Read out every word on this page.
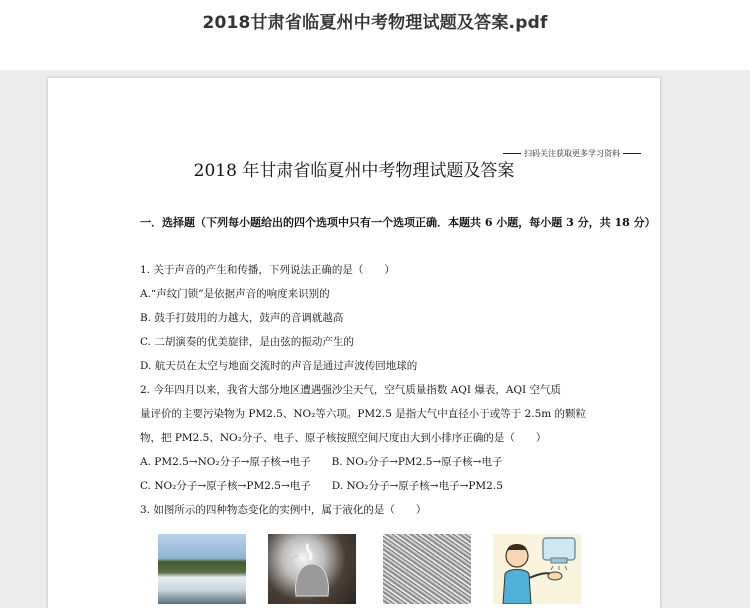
2018甘肃省临夏州中考物理试题及答案.pdf
扫码关注获取更多学习资料
2018 年甘肃省临夏州中考物理试题及答案
一．选择题（下列每小题给出的四个选项中只有一个选项正确．本题共 6 小题，每小题 3 分，共 18 分）
1. 关于声音的产生和传播，下列说法正确的是（　　）
A.“声纹门锁”是依据声音的响度来识别的
B. 鼓手打鼓用的力越大，鼓声的音调就越高
C. 二胡演奏的优美旋律，是由弦的振动产生的
D. 航天员在太空与地面交流时的声音是通过声波传回地球的
2. 今年四月以来，我省大部分地区遭遇强沙尘天气，空气质量指数 AQI 爆表，AQI 空气质
量评价的主要污染物为 PM2.5、NO₂等六项。PM2.5 是指大气中直径小于或等于 2.5m 的颗粒
物，把 PM2.5、NO₂分子、电子、原子核按照空间尺度由大到小排序正确的是（　　）
A. PM2.5→NO₂分子→原子核→电子　　B. NO₂分子→PM2.5→原子核→电子
C. NO₂分子→原子核→PM2.5→电子　　D. NO₂分子→原子核→电子→PM2.5
3. 如图所示的四种物态变化的实例中，属于液化的是（　　）
